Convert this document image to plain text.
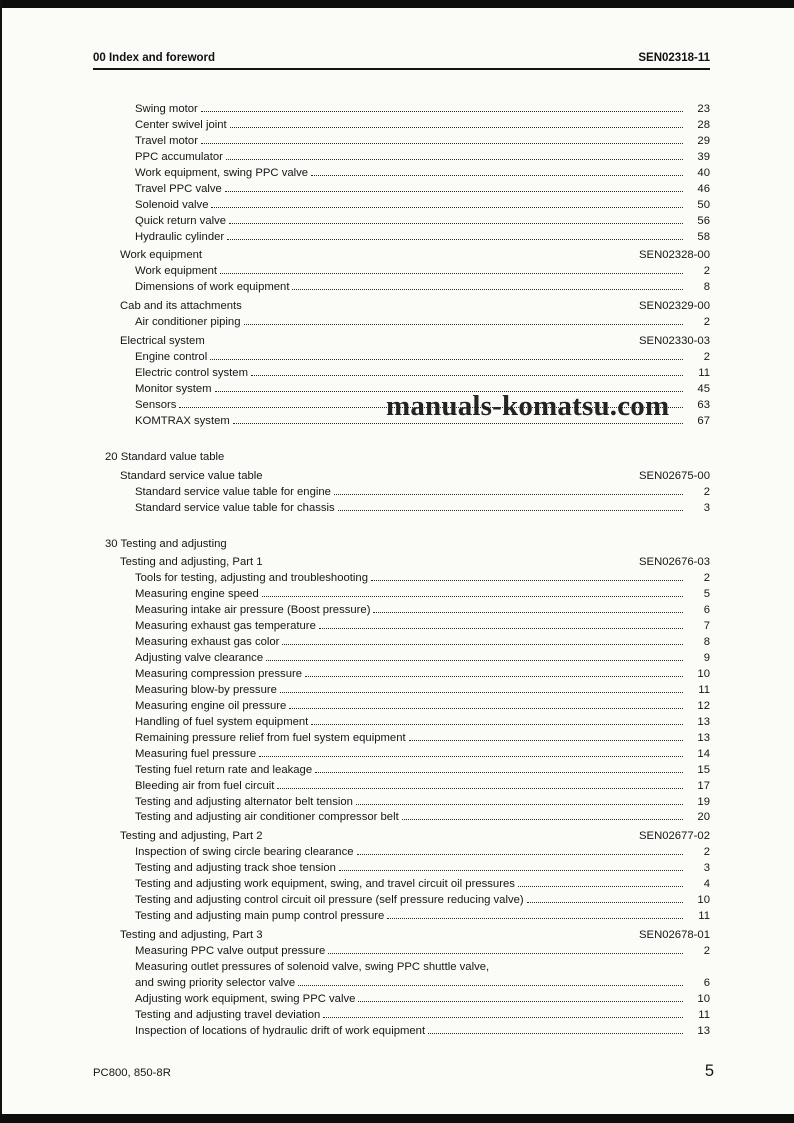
00 Index and foreword	SEN02318-11
Swing motor	23
Center swivel joint	28
Travel motor	29
PPC accumulator	39
Work equipment, swing PPC valve	40
Travel PPC valve	46
Solenoid valve	50
Quick return valve	56
Hydraulic cylinder	58
Work equipment	SEN02328-00
Work equipment	2
Dimensions of work equipment	8
Cab and its attachments	SEN02329-00
Air conditioner piping	2
Electrical system	SEN02330-03
Engine control	2
Electric control system	11
Monitor system	45
Sensors	63
KOMTRAX system	67
20 Standard value table
Standard service value table	SEN02675-00
Standard service value table for engine	2
Standard service value table for chassis	3
30 Testing and adjusting
Testing and adjusting, Part 1	SEN02676-03
Tools for testing, adjusting and troubleshooting	2
Measuring engine speed	5
Measuring intake air pressure (Boost pressure)	6
Measuring exhaust gas temperature	7
Measuring exhaust gas color	8
Adjusting valve clearance	9
Measuring compression pressure	10
Measuring blow-by pressure	11
Measuring engine oil pressure	12
Handling of fuel system equipment	13
Remaining pressure relief from fuel system equipment	13
Measuring fuel pressure	14
Testing fuel return rate and leakage	15
Bleeding air from fuel circuit	17
Testing and adjusting alternator belt tension	19
Testing and adjusting air conditioner compressor belt	20
Testing and adjusting, Part 2	SEN02677-02
Inspection of swing circle bearing clearance	2
Testing and adjusting track shoe tension	3
Testing and adjusting work equipment, swing, and travel circuit oil pressures	4
Testing and adjusting control circuit oil pressure (self pressure reducing valve)	10
Testing and adjusting main pump control pressure	11
Testing and adjusting, Part 3	SEN02678-01
Measuring PPC valve output pressure	2
Measuring outlet pressures of solenoid valve, swing PPC shuttle valve,
and swing priority selector valve	6
Adjusting work equipment, swing PPC valve	10
Testing and adjusting travel deviation	11
Inspection of locations of hydraulic drift of work equipment	13
manuals-komatsu.com
PC800, 850-8R	5
